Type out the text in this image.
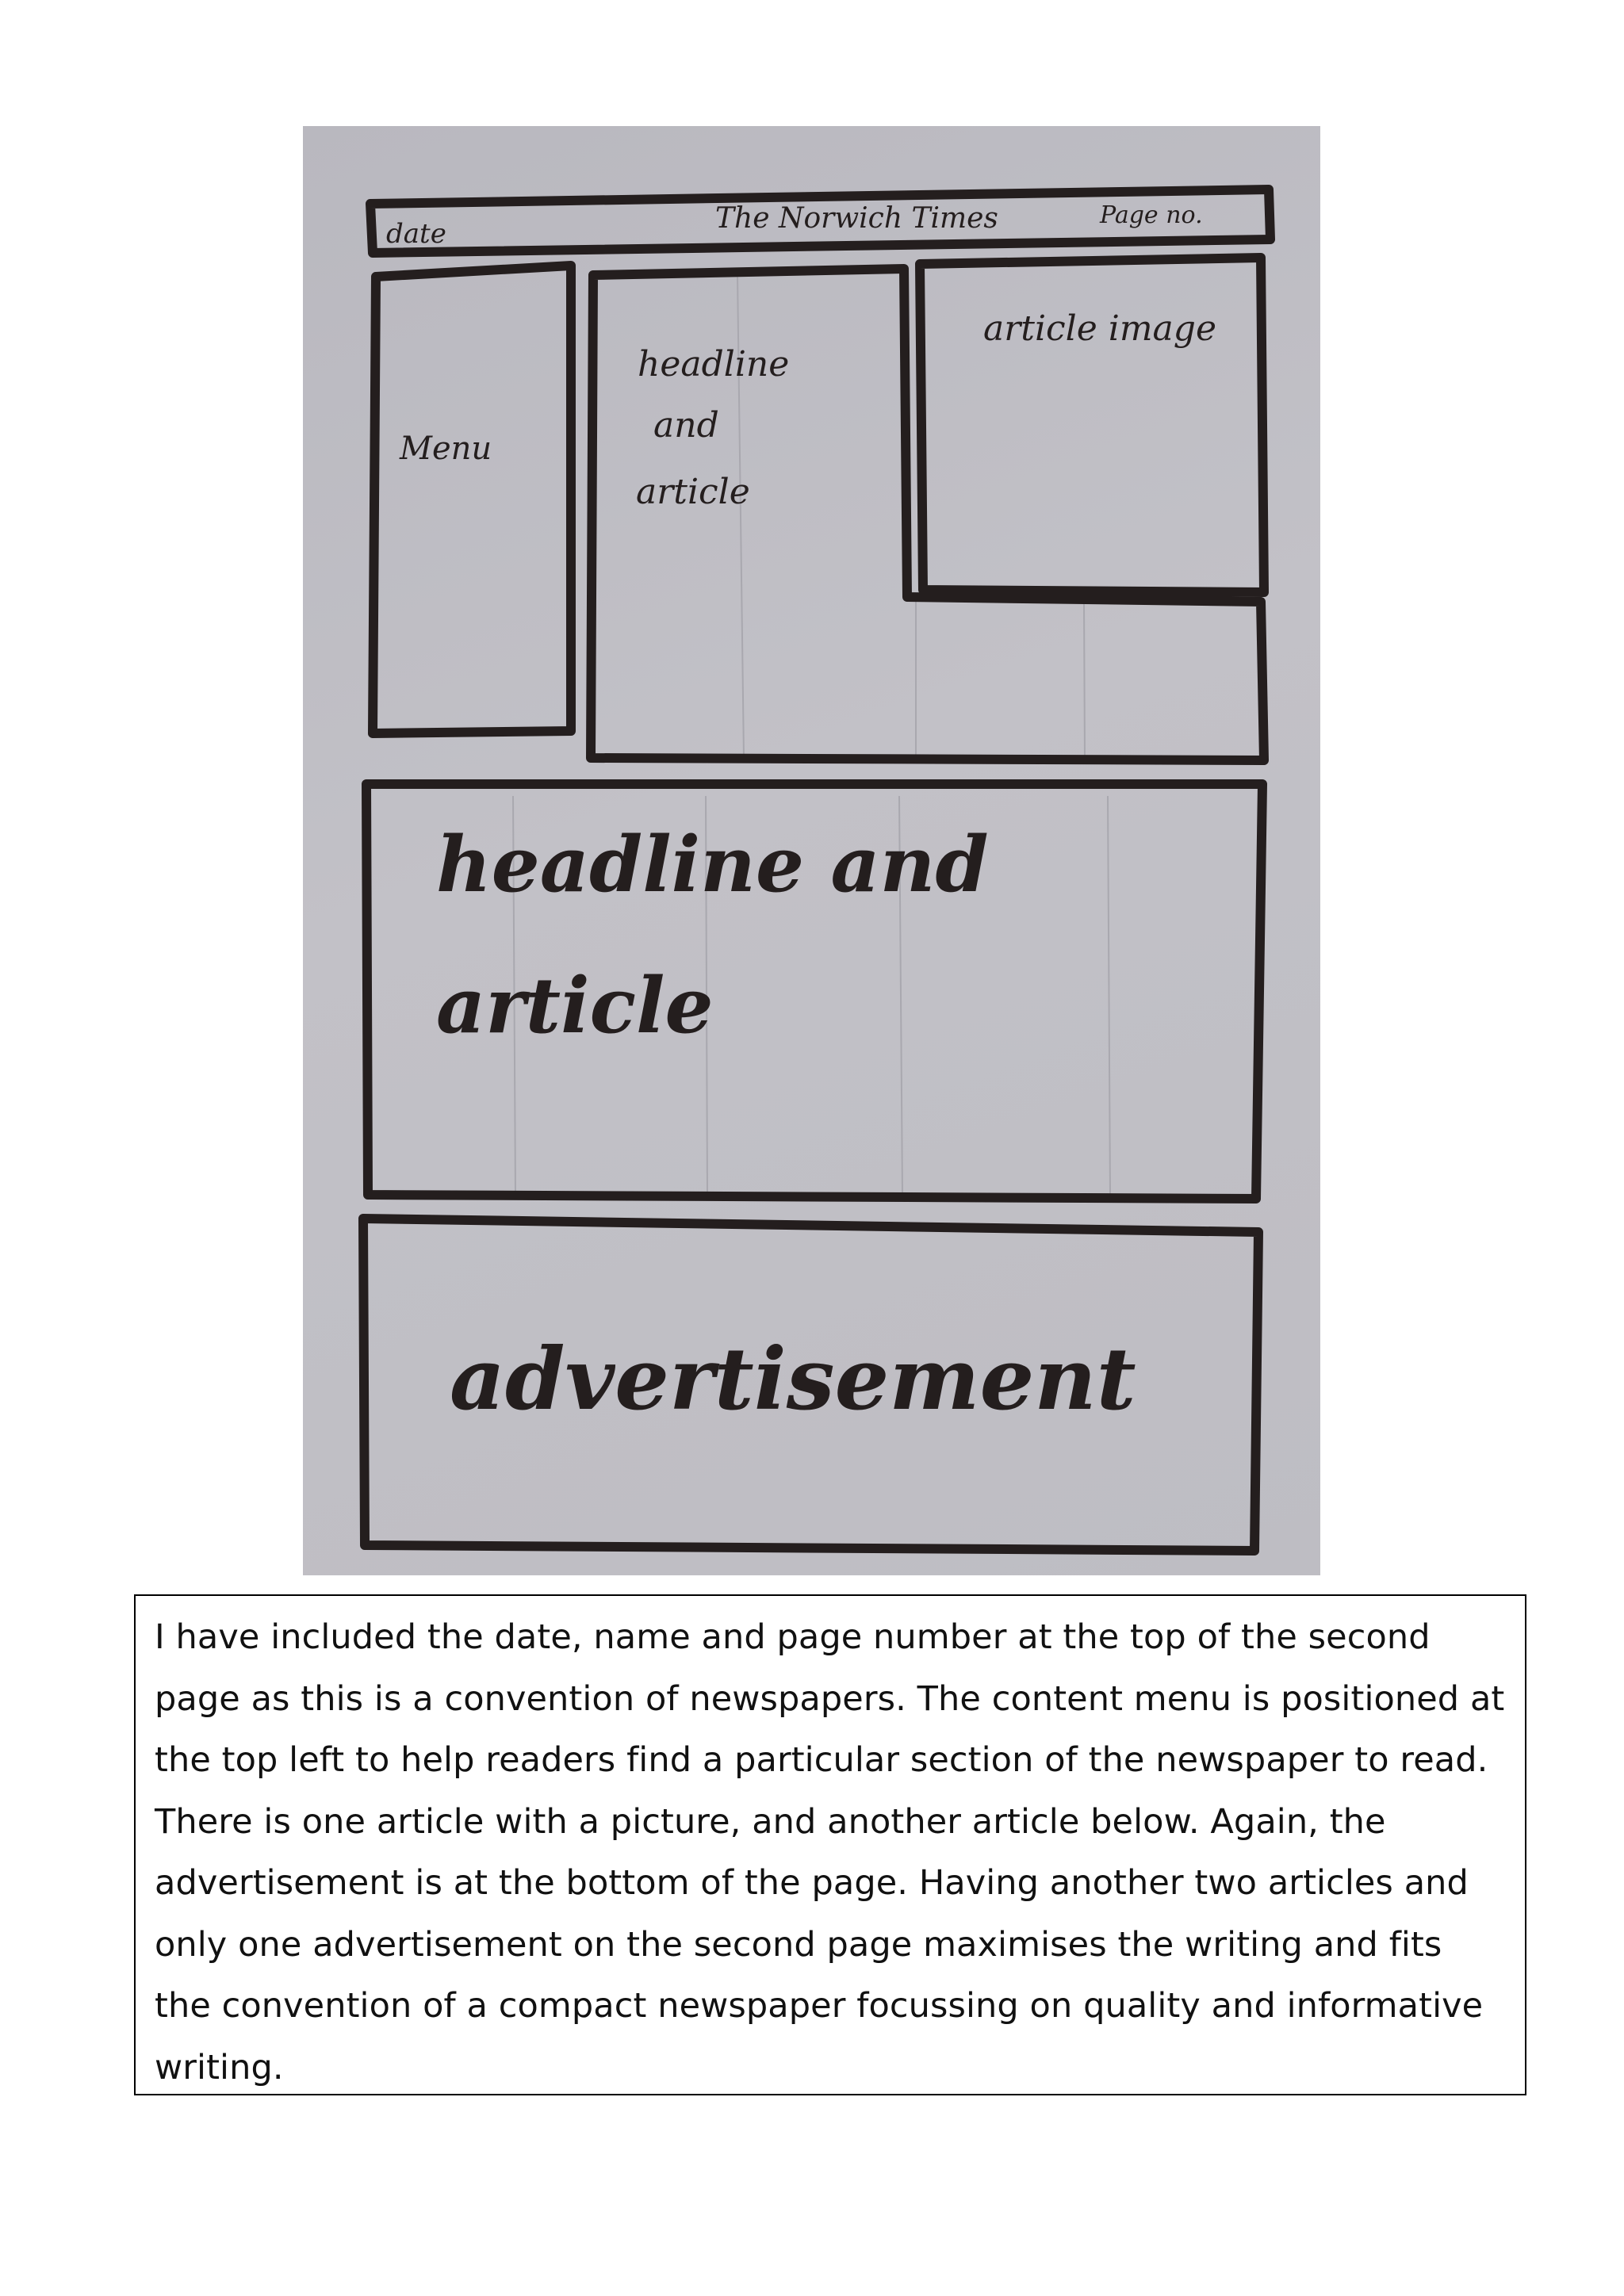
date	The Norwich Times	Page no.
Menu
headline
and
article
article image
headline and
article
advertisement

I have included the date, name and page number at the top of the second page as this is a convention of newspapers. The content menu is positioned at the top left to help readers find a particular section of the newspaper to read. There is one article with a picture, and another article below. Again, the advertisement is at the bottom of the page. Having another two articles and only one advertisement on the second page maximises the writing and fits the convention of a compact newspaper focussing on quality and informative writing.
